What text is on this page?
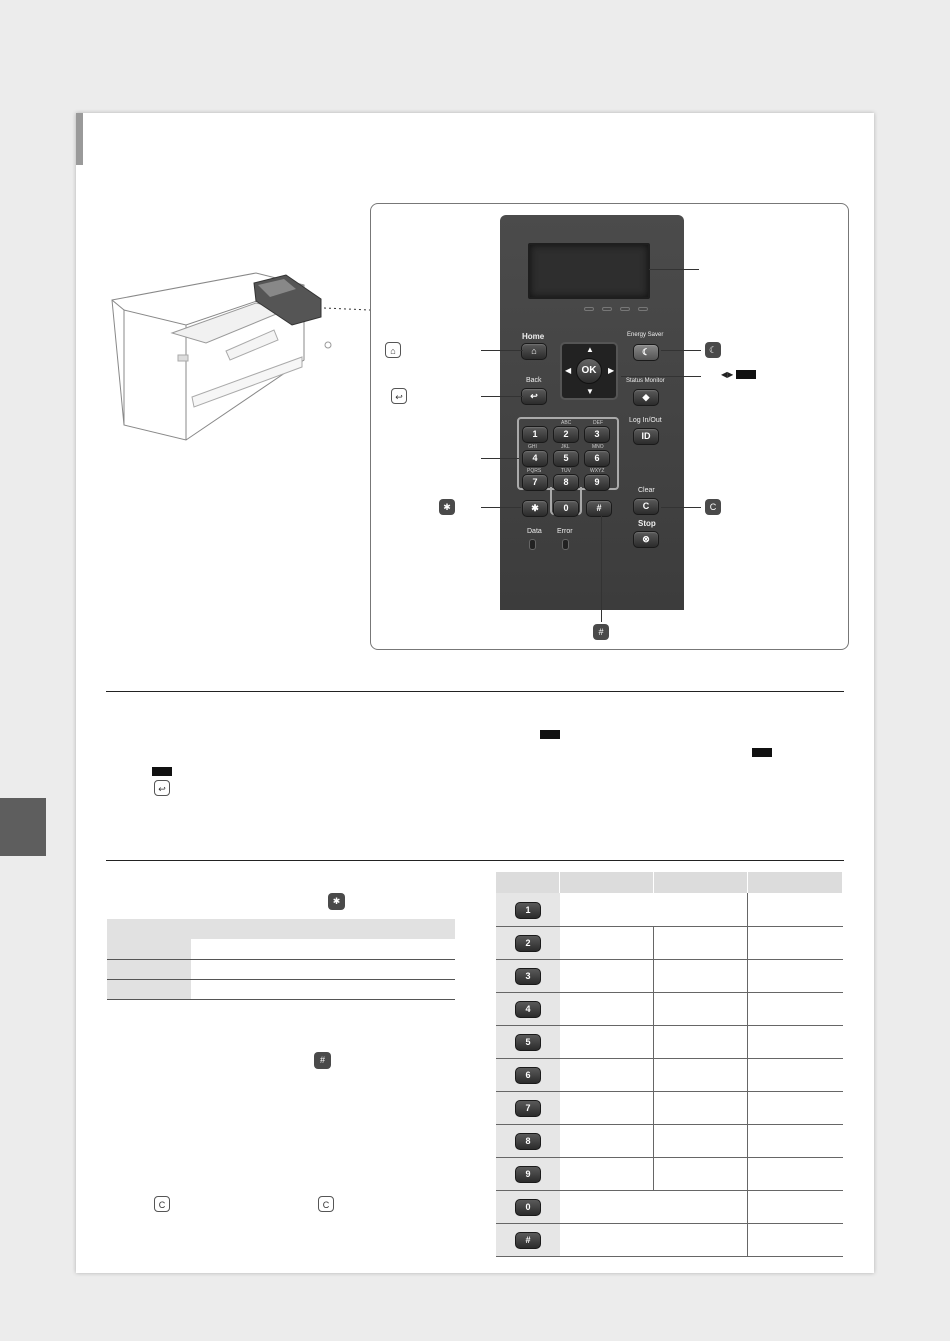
Home
⌂
Back
↩
▲
▼
◀	▶
OK
Energy Saver
☾
Status Monitor
◆
Log In/Out
ID
DEF
ABC
1	2	3
GHI	JKL	MNO
4	5	6
PQRS	TUV	WXYZ
7	8	9
✱	0	#
Clear
C
Stop
⊗
Data Error
⌂
↩
✱
☾
◀▶
C
#
↩
✱

#
C	C

1			
2			
3			
4			
5			
6			
7			
8			
9			
0			
#			
